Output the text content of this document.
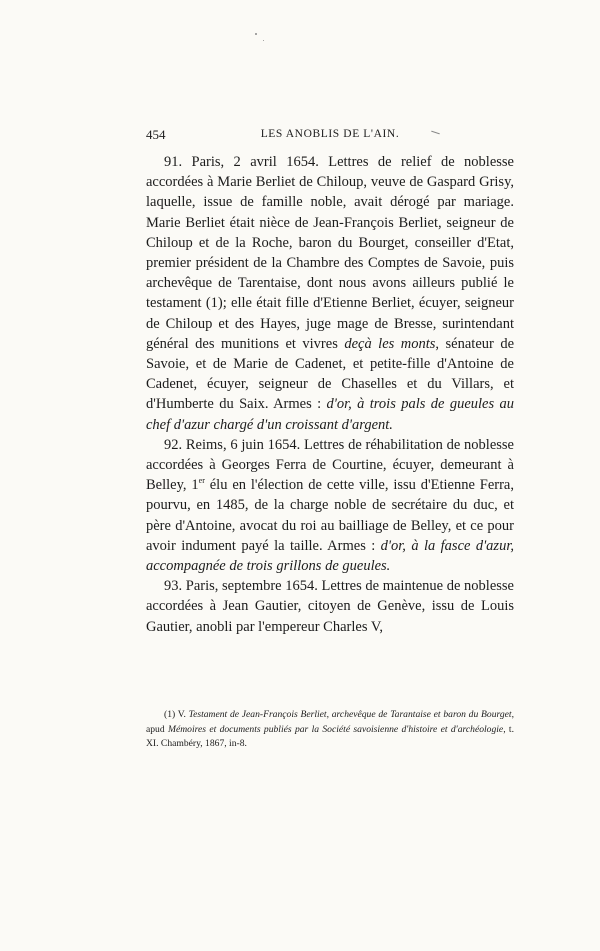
454	LES ANOBLIS DE L'AIN.

91. Paris, 2 avril 1654. Lettres de relief de noblesse accordées à Marie Berliet de Chiloup, veuve de Gaspard Grisy, laquelle, issue de famille noble, avait dérogé par mariage. Marie Berliet était nièce de Jean-François Berliet, seigneur de Chiloup et de la Roche, baron du Bourget, conseiller d'Etat, premier président de la Chambre des Comptes de Savoie, puis archevêque de Tarentaise, dont nous avons ailleurs publié le testament (1); elle était fille d'Etienne Berliet, écuyer, seigneur de Chiloup et des Hayes, juge mage de Bresse, surintendant général des munitions et vivres deçà les monts, sénateur de Savoie, et de Marie de Cadenet, et petite-fille d'Antoine de Cadenet, écuyer, seigneur de Chaselles et du Villars, et d'Humberte du Saix. Armes : d'or, à trois pals de gueules au chef d'azur chargé d'un croissant d'argent.

92. Reims, 6 juin 1654. Lettres de réhabilitation de noblesse accordées à Georges Ferra de Courtine, écuyer, demeurant à Belley, 1er élu en l'élection de cette ville, issu d'Etienne Ferra, pourvu, en 1485, de la charge noble de secrétaire du duc, et père d'Antoine, avocat du roi au bailliage de Belley, et ce pour avoir indument payé la taille. Armes : d'or, à la fasce d'azur, accompagnée de trois grillons de gueules.

93. Paris, septembre 1654. Lettres de maintenue de noblesse accordées à Jean Gautier, citoyen de Genève, issu de Louis Gautier, anobli par l'empereur Charles V,

(1) V. Testament de Jean-François Berliet, archevêque de Tarantaise et baron du Bourget, apud Mémoires et documents publiés par la Société savoisienne d'histoire et d'archéologie, t. XI. Chambéry, 1867, in-8.
